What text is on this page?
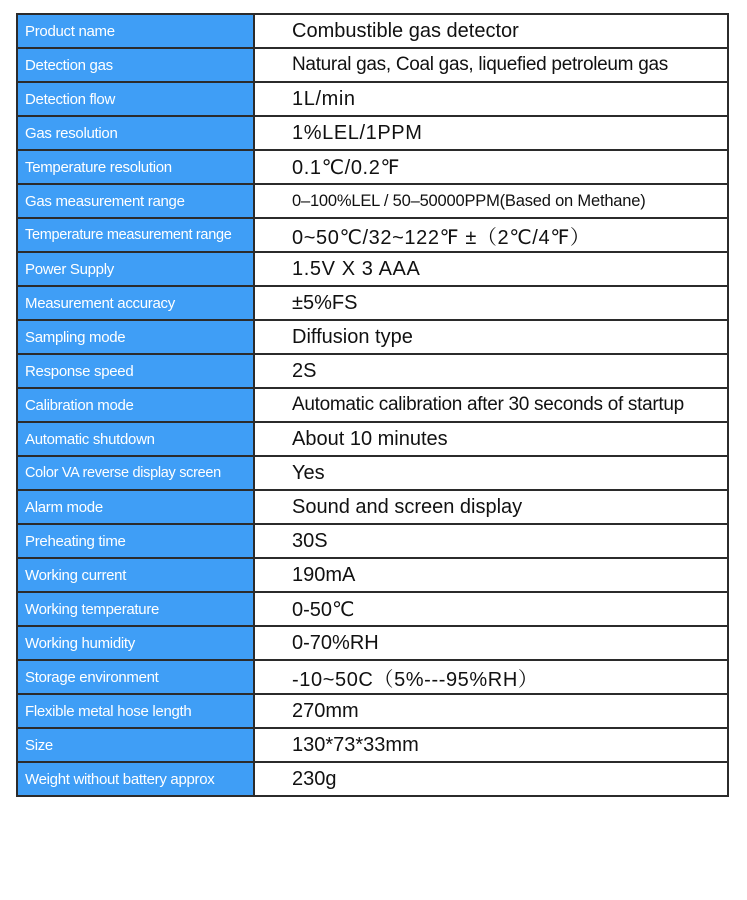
Product name	Combustible gas detector
Detection gas	Natural gas, Coal gas, liquefied petroleum gas
Detection flow	1L/min
Gas resolution	1%LEL/1PPM
Temperature resolution	0.1℃/0.2℉
Gas measurement range	0–100%LEL / 50–50000PPM(Based on Methane)
Temperature measurement range	0~50℃/32~122℉ ±（2℃/4℉）
Power Supply	1.5V X 3 AAA
Measurement accuracy	±5%FS
Sampling mode	Diffusion type
Response speed	2S
Calibration mode	Automatic calibration after 30 seconds of startup
Automatic shutdown	About 10 minutes
Color VA reverse display screen	Yes
Alarm mode	Sound and screen display
Preheating time	30S
Working current	190mA
Working temperature	0-50℃
Working humidity	0-70%RH
Storage environment	-10~50C（5%---95%RH）
Flexible metal hose length	270mm
Size	130*73*33mm
Weight without battery approx	230g
